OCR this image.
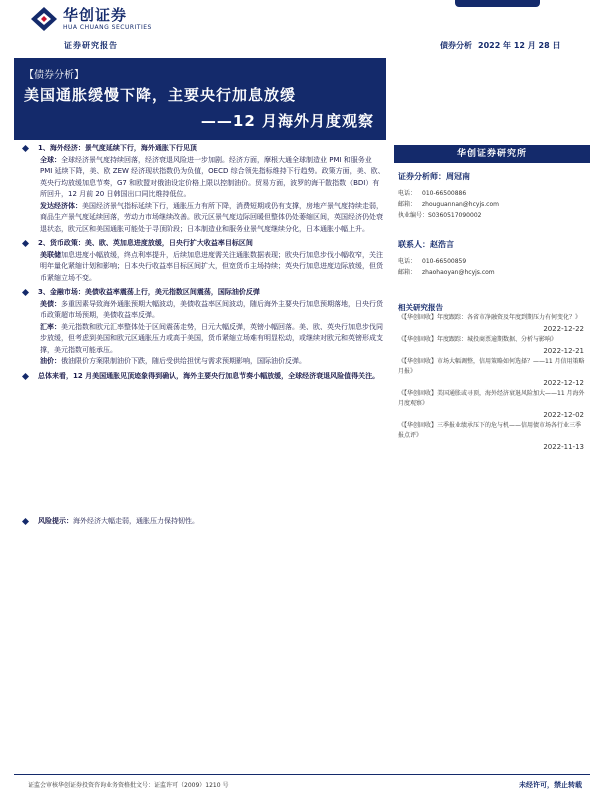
华创证券
HUA CHUANG SECURITIES
证券研究报告	债券分析 2022 年 12 月 28 日
【债券分析】
美国通胀缓慢下降，主要央行加息放缓
——12 月海外月度观察
1、海外经济：景气度延续下行，海外通胀下行见顶
全球：全球经济景气度持续回落，经济衰退风险进一步加剧。经济方面，摩根大通全球制造业 PMI 和服务业 PMI 延续下降，美、欧 ZEW 经济现状指数仍为负值，OECD 综合领先指标维持下行趋势。政策方面，美、欧、英央行均放缓加息节奏，G7 和欧盟对俄油设定价格上限以控制油价。贸易方面，波罗的海干散指数（BDI）有所回升，12 月前 20 日韩国出口同比维持低位。
发达经济体：美国经济景气指标延续下行，通胀压力有所下降，消费短期或仍有支撑，房地产景气度持续走弱，商品生产景气度延续回落，劳动力市场继续改善。欧元区景气度边际回暖但整体仍处萎缩区间，英国经济仍处衰退状态，欧元区和美国通胀可能处于寻顶阶段；日本制造业和服务业景气度继续分化，日本通胀小幅上升。
2、货币政策：美、欧、英加息进度放缓，日央行扩大收益率目标区间
美联储加息进度小幅放缓，终点利率提升，后续加息进度需关注通胀数据表现；欧央行加息步伐小幅收窄，关注明年量化紧缩计划和影响；日本央行收益率目标区间扩大，但宽货币主场持续；英央行加息进度边际放缓，但货币紧缩立场不变。
3、金融市场：美债收益率震荡上行，美元指数区间震荡，国际油价反弹
美债：多重因素导致海外通胀预期大幅波动，美债收益率区间波动，随后海外主要央行加息预期落地，日央行货币政策超市场预期，美债收益率反弹。
汇率：美元指数和欧元汇率整体处于区间震荡走势，日元大幅反弹，英镑小幅回落。美、欧、英央行加息步伐同步放缓，但考虑到美国和欧元区通胀压力或高于美国，货币紧缩立场难有明显松动，或继续对欧元和英镑形成支撑，美元指数可能承压。
油价：俄油限价方案限制油价下跌，随后受供给担忧与需求预期影响，国际油价反弹。
总体来看，12 月美国通胀见顶迹象得到确认，海外主要央行加息节奏小幅放缓，全球经济衰退风险值得关注。
风险提示：海外经济大幅走弱，通胀压力保持韧性。
华创证券研究所
证券分析师：周冠南
电话： 010-66500886
邮箱： zhouguannan@hcyjs.com
执业编号：S0360517090002
联系人：赵浩言
电话： 010-66500859
邮箱： zhaohaoyan@hcyjs.com
相关研究报告
《【华创固收】年度跟踪：各省市净融资及年度到期压力有何变化？》
2022-12-22
《【华创固收】年度跟踪：城投商票逾期数据、分析与影响》
2022-12-21
《【华创固收】市场大幅调整，信用策略如何选择？——11 月信用策略月报》
2022-12-12
《【华创固收】美国通胀或寻顶，海外经济衰退风险加大——11 月海外月度观察》
2022-12-02
《【华创固收】三季报业绩承压下的危与机——信用债市场各行业三季报点评》
2022-11-13
证监会审核华创证券投资咨询业务资格批文号：证监许可（2009）1210 号	未经许可，禁止转载
